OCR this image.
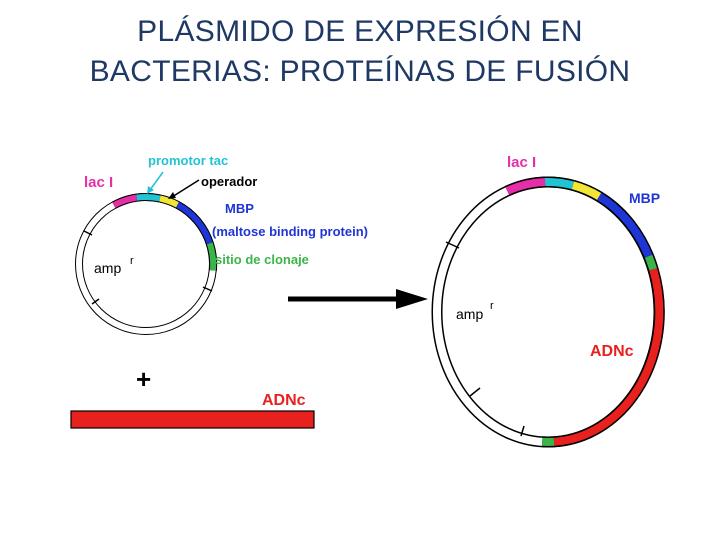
PLÁSMIDO DE EXPRESIÓN EN
BACTERIAS: PROTEÍNAS DE FUSIÓN
lac I
promotor tac
operador
MBP
(maltose binding protein)
sitio de clonaje
amp r
+
ADNc
lac I
MBP
amp r
ADNc
